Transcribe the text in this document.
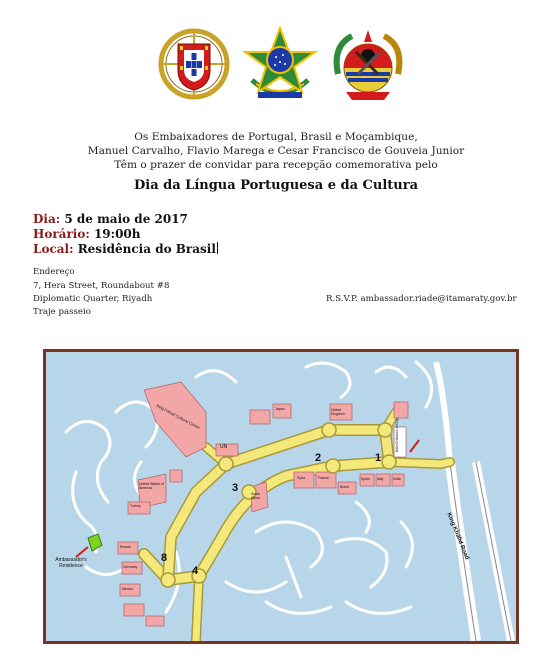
Os Embaixadores de Portugal, Brasil e Moçambique,
Manuel Carvalho, Flavio Marega e Cesar Francisco de Gouveia Junior
Têm o prazer de convidar para recepção comemorativa pelo
Dia da Língua Portuguesa e da Cultura
Dia: 5 de maio de 2017
Horário: 19:00h
Local: Residência do Brasil
Endereço
7, Hera Street, Roundabout #8
Diplomatic Quarter, Riyadh
Traje passeio
R.S.V.P. ambassador.riade@itamaraty.gov.br
2	1
3
4
8
Ambassador's
Residence
King Khalid Road
King Fahad Cultural Centre
UN
Japan	United Kingdom
United States of America
Turkey
Syria	France
Brazil
Spain Italy	India
South Africa
Russia
Germany
Mexico
Main Entrance of D.Q.
